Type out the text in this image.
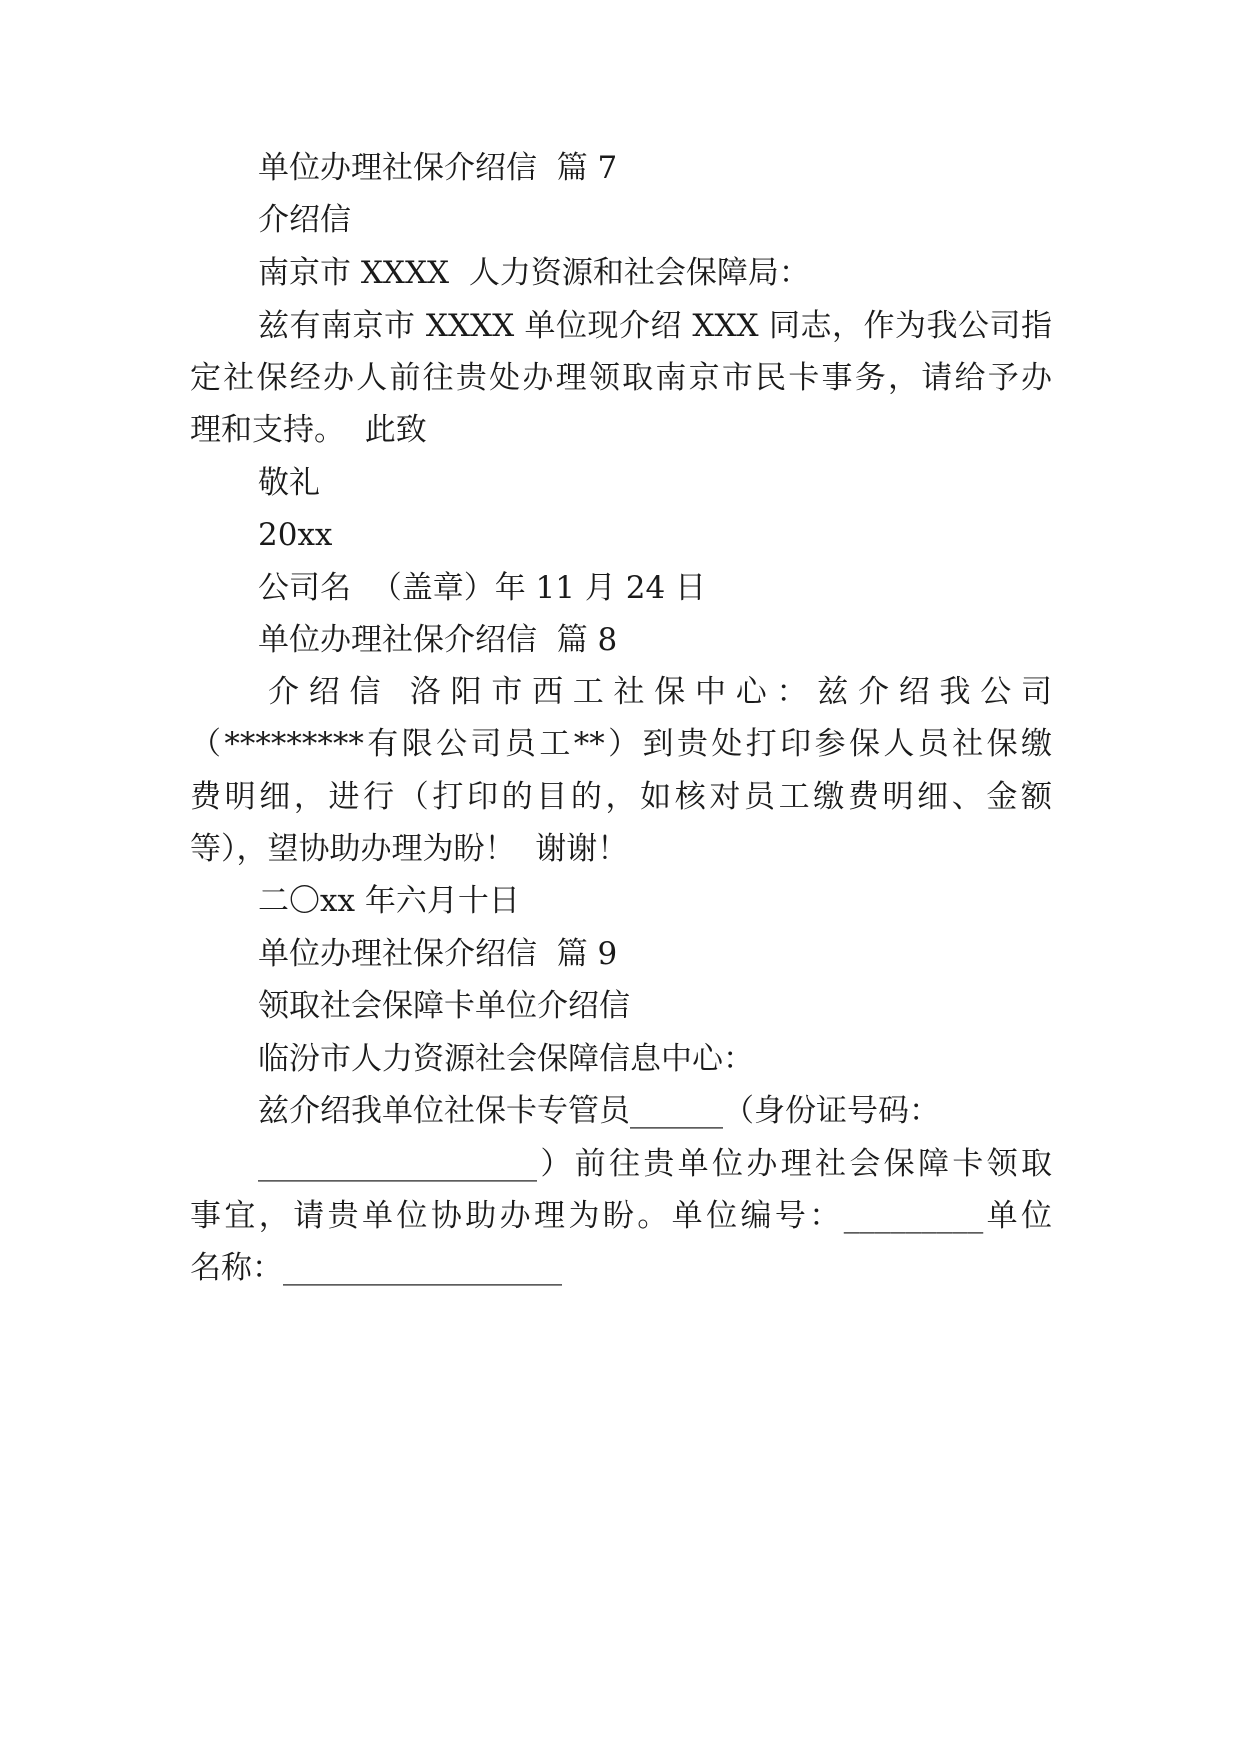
单位办理社保介绍信  篇 7
介绍信
南京市 XXXX  人力资源和社会保障局：
兹有南京市 XXXX 单位现介绍 XXX 同志，作为我公司指
定社保经办人前往贵处办理领取南京市民卡事务，请给予办
理和支持。  此致
敬礼
20xx
公司名  （盖章）年 11 月 24 日
单位办理社保介绍信  篇 8
介绍信 洛阳市西工社保中心：兹介绍我公司
（*********有限公司员工**）到贵处打印参保人员社保缴
费明细，进行（打印的目的，如核对员工缴费明细、金额
等），望协助办理为盼！  谢谢！
二〇xx 年六月十日
单位办理社保介绍信  篇 9
领取社会保障卡单位介绍信
临汾市人力资源社会保障信息中心：
兹介绍我单位社保卡专管员______（身份证号码：
__________________）前往贵单位办理社会保障卡领取
事宜，请贵单位协助办理为盼。单位编号：_________单位
名称：__________________
